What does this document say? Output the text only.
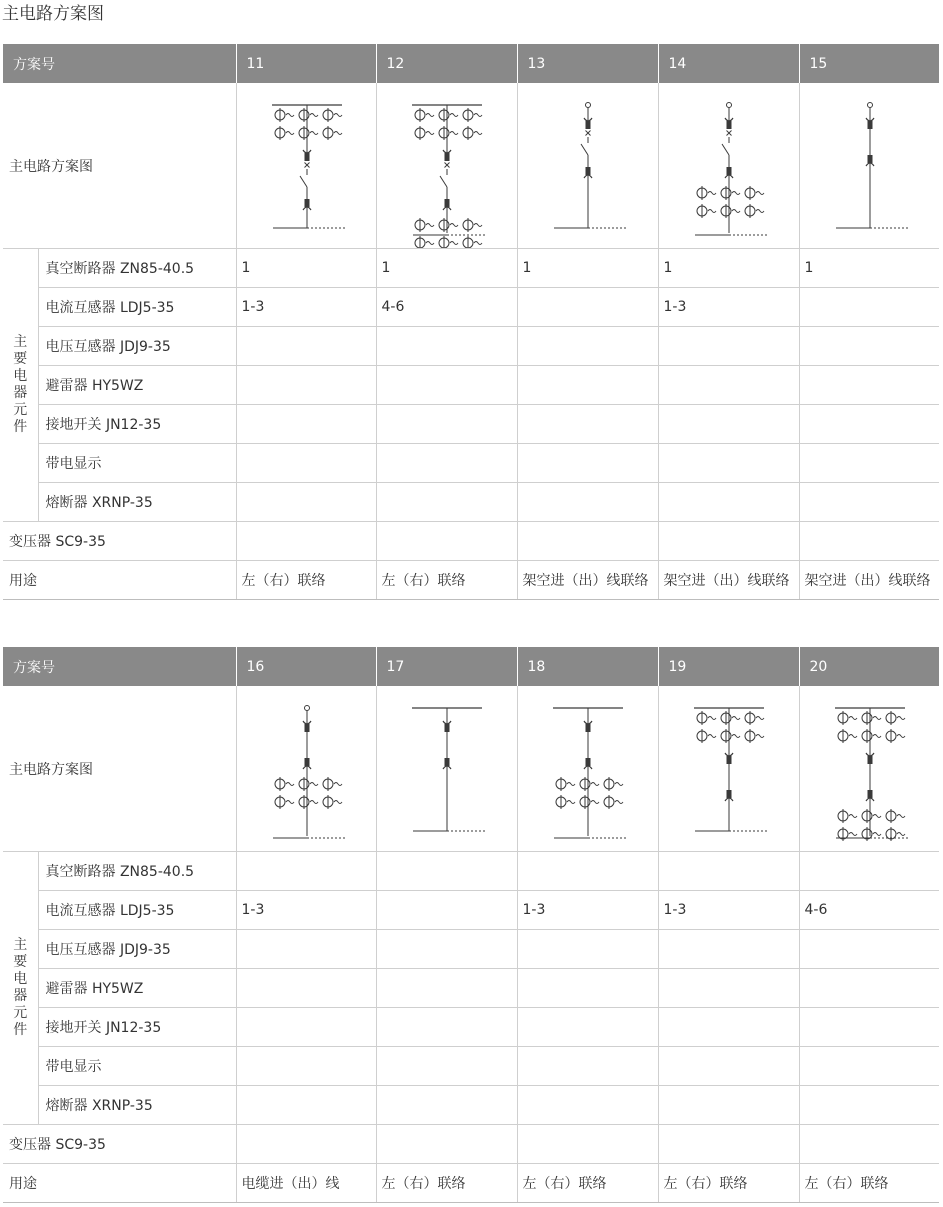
主电路方案图
方案号		11	12	13	14	15
主电路方案图	

主要电器元件	真空断路器 ZN85-40.5	1	1	1	1	1
	电流互感器 LDJ5-35	1-3	4-6		1-3	
	电压互感器 JDJ9-35					
	避雷器 HY5WZ					
	接地开关 JN12-35					
	带电显示					
	熔断器 XRNP-35					
变压器 SC9-35						
用途		左（右）联络	左（右）联络	架空进（出）线联络	架空进（出）线联络	架空进（出）线联络
方案号		16	17	18	19	20
主电路方案图	

主要电器元件	真空断路器 ZN85-40.5					
	电流互感器 LDJ5-35	1-3		1-3	1-3	4-6
	电压互感器 JDJ9-35					
	避雷器 HY5WZ					
	接地开关 JN12-35					
	带电显示					
	熔断器 XRNP-35					
变压器 SC9-35						
用途		电缆进（出）线	左（右）联络	左（右）联络	左（右）联络	左（右）联络
